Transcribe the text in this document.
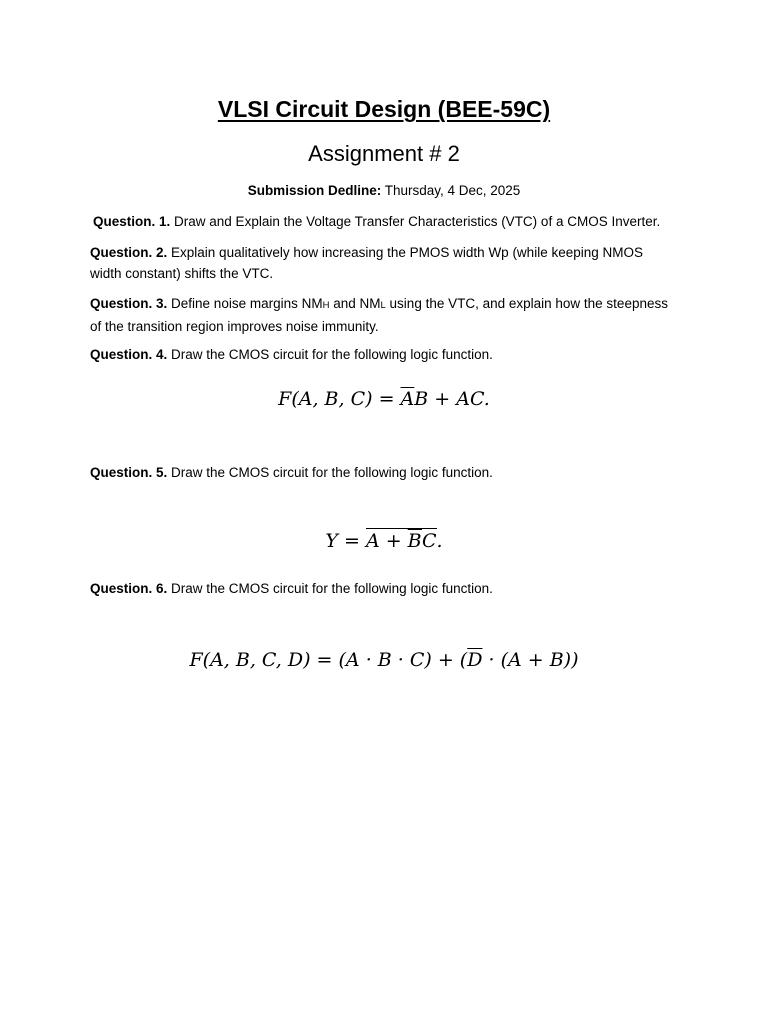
VLSI Circuit Design (BEE-59C)
Assignment # 2
Submission Dedline: Thursday, 4 Dec, 2025
Question. 1. Draw and Explain the Voltage Transfer Characteristics (VTC) of a CMOS Inverter.
Question. 2. Explain qualitatively how increasing the PMOS width Wp (while keeping NMOS
width constant) shifts the VTC.
Question. 3. Define noise margins NMH and NML using the VTC, and explain how the steepness
of the transition region improves noise immunity.
Question. 4. Draw the CMOS circuit for the following logic function.
F(A, B, $C) = \overline{A}B$ + AC.
Question. 5. Draw the CMOS circuit for the following logic function.
$Y = A + \overline{B}C$.
Question. 6. Draw the CMOS circuit for the following logic function.
F(A, B, C, $D) = (A \cdot B \cdot C) + (\overline{D} \cdot (A + B))$
